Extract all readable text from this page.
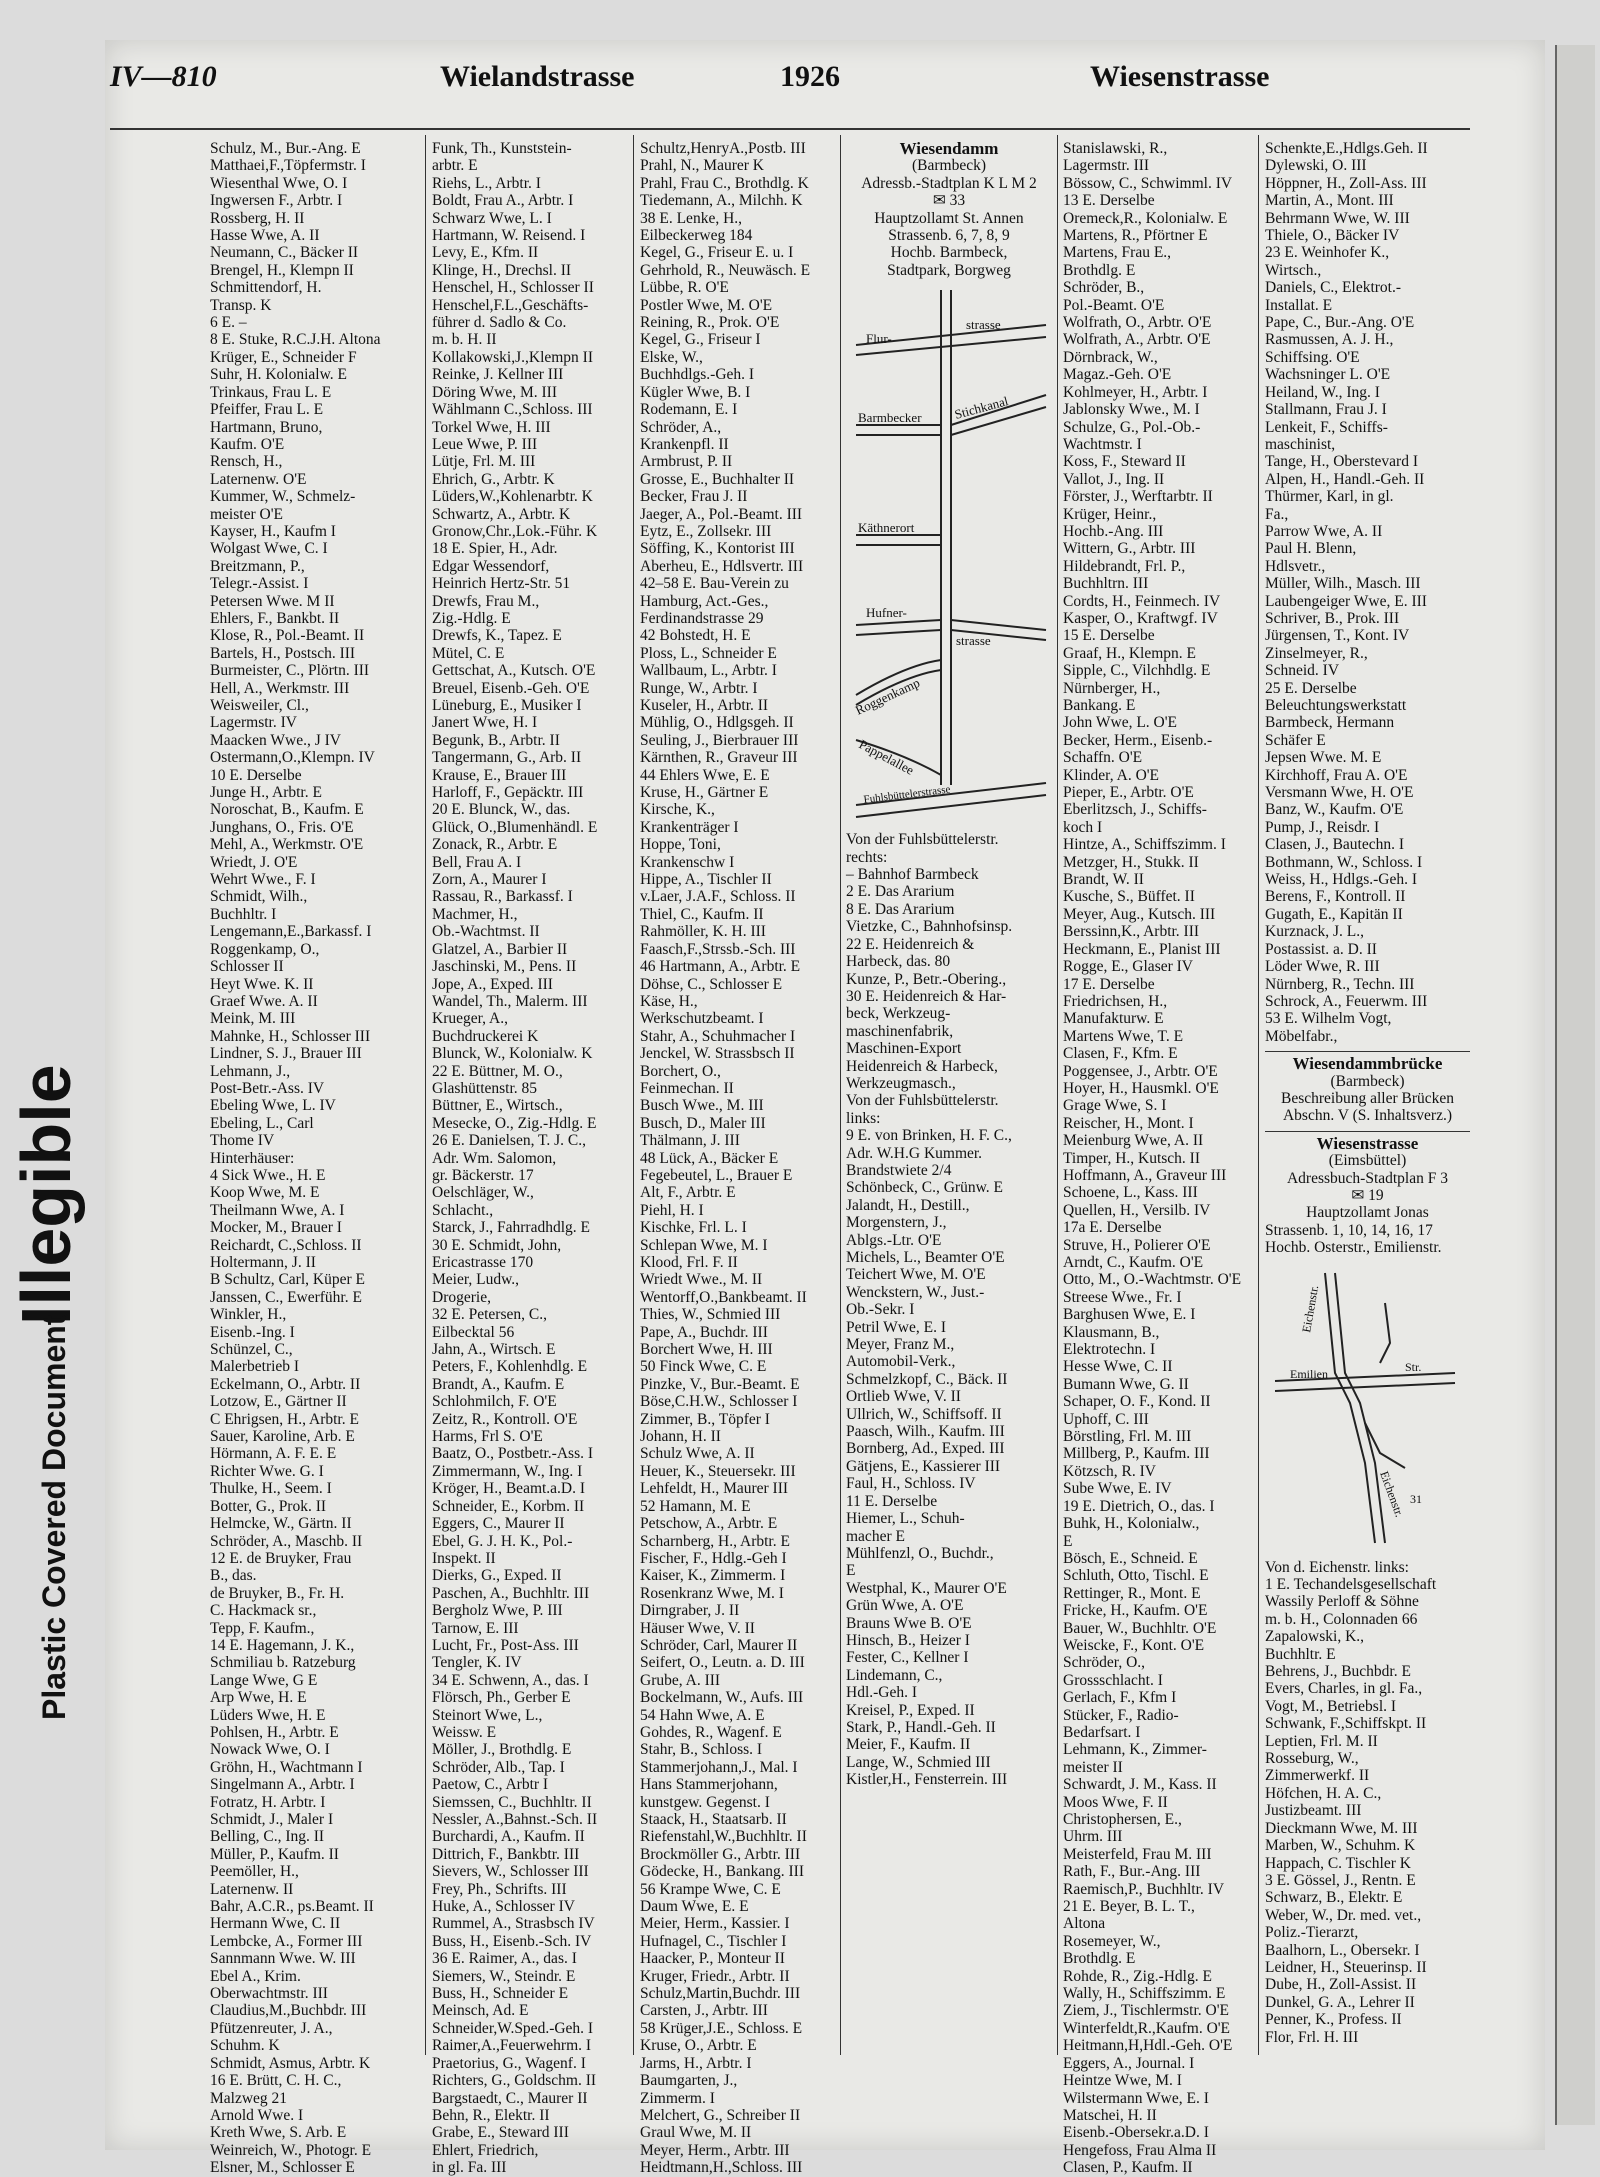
Illegible
Plastic Covered Document
IV—810	Wielandstrasse	1926	Wiesenstrasse
Schulz, M., Bur.-Ang. E
Matthaei,F.,Töpfermstr. I
Wiesenthal Wwe, O. I
Ingwersen F., Arbtr. I
Rossberg, H. II
Hasse Wwe, A. II
Neumann, C., Bäcker II
Brengel, H., Klempn II
Schmittendorf, H.
Transp. K
6 E. –
8 E. Stuke, R.C.J.H. Altona
Krüger, E., Schneider F
Suhr, H. Kolonialw. E
Trinkaus, Frau L. E
Pfeiffer, Frau L. E
Hartmann, Bruno,
Kaufm. O'E
Rensch, H.,
Laternenw. O'E
Kummer, W., Schmelz-
meister O'E
Kayser, H., Kaufm I
Wolgast Wwe, C. I
Breitzmann, P.,
Telegr.-Assist. I
Petersen Wwe. M II
Ehlers, F., Bankbt. II
Klose, R., Pol.-Beamt. II
Bartels, H., Postsch. III
Burmeister, C., Plörtn. III
Hell, A., Werkmstr. III
Weisweiler, Cl.,
Lagermstr. IV
Maacken Wwe., J IV
Ostermann,O.,Klempn. IV
10 E. Derselbe
Junge H., Arbtr. E
Noroschat, B., Kaufm. E
Junghans, O., Fris. O'E
Mehl, A., Werkmstr. O'E
Wriedt, J. O'E
Wehrt Wwe., F. I
Schmidt, Wilh.,
Buchhltr. I
Lengemann,E.,Barkassf. I
Roggenkamp, O.,
Schlosser II
Heyt Wwe. K. II
Graef Wwe. A. II
Meink, M. III
Mahnke, H., Schlosser III
Lindner, S. J., Brauer III
Lehmann, J.,
Post-Betr.-Ass. IV
Ebeling Wwe, L. IV
Ebeling, L., Carl
Thome IV
Hinterhäuser:
4 Sick Wwe., H. E
Koop Wwe, M. E
Theilmann Wwe, A. I
Mocker, M., Brauer I
Reichardt, C.,Schloss. II
Holtermann, J. II
B Schultz, Carl, Küper E
Janssen, C., Ewerführ. E
Winkler, H.,
Eisenb.-Ing. I
Schünzel, C.,
Malerbetrieb I
Eckelmann, O., Arbtr. II
Lotzow, E., Gärtner II
C Ehrigsen, H., Arbtr. E
Sauer, Karoline, Arb. E
Hörmann, A. F. E. E
Richter Wwe. G. I
Thulke, H., Seem. I
Botter, G., Prok. II
Helmcke, W., Gärtn. II
Schröder, A., Maschb. II
12 E. de Bruyker, Frau
B., das.
de Bruyker, B., Fr. H.
C. Hackmack sr.,
Tepp, F. Kaufm.,
14 E. Hagemann, J. K.,
Schmiliau b. Ratzeburg
Lange Wwe, G E
Arp Wwe, H. E
Lüders Wwe, H. E
Pohlsen, H., Arbtr. E
Nowack Wwe, O. I
Gröhn, H., Wachtmann I
Singelmann A., Arbtr. I
Fotratz, H. Arbtr. I
Schmidt, J., Maler I
Belling, C., Ing. II
Müller, P., Kaufm. II
Peemöller, H.,
Laternenw. II
Bahr, A.C.R., ps.Beamt. II
Hermann Wwe, C. II
Lembcke, A., Former III
Sannmann Wwe. W. III
Ebel A., Krim.
Oberwachtmstr. III
Claudius,M.,Buchbdr. III
Pfützenreuter, J. A.,
Schuhm. K
Schmidt, Asmus, Arbtr. K
16 E. Brütt, C. H. C.,
Malzweg 21
Arnold Wwe. I
Kreth Wwe, S. Arb. E
Weinreich, W., Photogr. E
Elsner, M., Schlosser E
Funk, Th., Kunststein-
arbtr. E
Riehs, L., Arbtr. I
Boldt, Frau A., Arbtr. I
Schwarz Wwe, L. I
Hartmann, W. Reisend. I
Levy, E., Kfm. II
Klinge, H., Drechsl. II
Henschel, H., Schlosser II
Henschel,F.L.,Geschäfts-
führer d. Sadlo & Co.
m. b. H. II
Kollakowski,J.,Klempn II
Reinke, J. Kellner III
Döring Wwe, M. III
Wählmann C.,Schloss. III
Torkel Wwe, H. III
Leue Wwe, P. III
Lütje, Frl. M. III
Ehrich, G., Arbtr. K
Lüders,W.,Kohlenarbtr. K
Schwartz, A., Arbtr. K
Gronow,Chr.,Lok.-Führ. K
18 E. Spier, H., Adr.
Edgar Wessendorf,
Heinrich Hertz-Str. 51
Drewfs, Frau M.,
Zig.-Hdlg. E
Drewfs, K., Tapez. E
Mütel, C. E
Gettschat, A., Kutsch. O'E
Breuel, Eisenb.-Geh. O'E
Lüneburg, E., Musiker I
Janert Wwe, H. I
Begunk, B., Arbtr. II
Tangermann, G., Arb. II
Krause, E., Brauer III
Harloff, F., Gepäcktr. III
20 E. Blunck, W., das.
Glück, O.,Blumenhändl. E
Zonack, R., Arbtr. E
Bell, Frau A. I
Zorn, A., Maurer I
Rassau, R., Barkassf. I
Machmer, H.,
Ob.-Wachtmst. II
Glatzel, A., Barbier II
Jaschinski, M., Pens. II
Jope, A., Exped. III
Wandel, Th., Malerm. III
Krueger, A.,
Buchdruckerei K
Blunck, W., Kolonialw. K
22 E. Büttner, M. O.,
Glashüttenstr. 85
Büttner, E., Wirtsch.,
Mesecke, O., Zig.-Hdlg. E
26 E. Danielsen, T. J. C.,
Adr. Wm. Salomon,
gr. Bäckerstr. 17
Oelschläger, W.,
Schlacht.,
Starck, J., Fahrradhdlg. E
30 E. Schmidt, John,
Ericastrasse 170
Meier, Ludw.,
Drogerie,
32 E. Petersen, C.,
Eilbecktal 56
Jahn, A., Wirtsch. E
Peters, F., Kohlenhdlg. E
Brandt, A., Kaufm. E
Schlohmilch, F. O'E
Zeitz, R., Kontroll. O'E
Harms, Frl S. O'E
Baatz, O., Postbetr.-Ass. I
Zimmermann, W., Ing. I
Kröger, H., Beamt.a.D. I
Schneider, E., Korbm. II
Eggers, C., Maurer II
Ebel, G. J. H. K., Pol.-
Inspekt. II
Dierks, G., Exped. II
Paschen, A., Buchhltr. III
Bergholz Wwe, P. III
Tarnow, E. III
Lucht, Fr., Post-Ass. III
Tengler, K. IV
34 E. Schwenn, A., das. I
Flörsch, Ph., Gerber E
Steinort Wwe, L.,
Weissw. E
Möller, J., Brothdlg. E
Schröder, Alb., Tap. I
Paetow, C., Arbtr I
Siemssen, C., Buchhltr. II
Nessler, A.,Bahnst.-Sch. II
Burchardi, A., Kaufm. II
Dittrich, F., Bankbtr. III
Sievers, W., Schlosser III
Frey, Ph., Schrifts. III
Huke, A., Schlosser IV
Rummel, A., Strasbsch IV
Buss, H., Eisenb.-Sch. IV
36 E. Raimer, A., das. I
Siemers, W., Steindr. E
Buss, H., Schneider E
Meinsch, Ad. E
Schneider,W.Sped.-Geh. I
Raimer,A.,Feuerwehrm. I
Praetorius, G., Wagenf. I
Richters, G., Goldschm. II
Bargstaedt, C., Maurer II
Behn, R., Elektr. II
Grabe, E., Steward III
Ehlert, Friedrich,
in gl. Fa. III
Schultz,HenryA.,Postb. III
Prahl, N., Maurer K
Prahl, Frau C., Brothdlg. K
Tiedemann, A., Milchh. K
38 E. Lenke, H.,
Eilbeckerweg 184
Kegel, G., Friseur E. u. I
Gehrhold, R., Neuwäsch. E
Lübbe, R. O'E
Postler Wwe, M. O'E
Reining, R., Prok. O'E
Kegel, G., Friseur I
Elske, W.,
Buchhdlgs.-Geh. I
Kügler Wwe, B. I
Rodemann, E. I
Schröder, A.,
Krankenpfl. II
Armbrust, P. II
Grosse, E., Buchhalter II
Becker, Frau J. II
Jaeger, A., Pol.-Beamt. III
Eytz, E., Zollsekr. III
Söffing, K., Kontorist III
Aberheu, E., Hdlsvertr. III
42–58 E. Bau-Verein zu
Hamburg, Act.-Ges.,
Ferdinandstrasse 29
42 Bohstedt, H. E
Ploss, L., Schneider E
Wallbaum, L., Arbtr. I
Runge, W., Arbtr. I
Kuseler, H., Arbtr. II
Mühlig, O., Hdlgsgeh. II
Seuling, J., Bierbrauer III
Kärnthen, R., Graveur III
44 Ehlers Wwe, E. E
Kruse, H., Gärtner E
Kirsche, K.,
Krankenträger I
Hoppe, Toni,
Krankenschw I
Hippe, A., Tischler II
v.Laer, J.A.F., Schloss. II
Thiel, C., Kaufm. II
Rahmöller, K. H. III
Faasch,F.,Strssb.-Sch. III
46 Hartmann, A., Arbtr. E
Döhse, C., Schlosser E
Käse, H.,
Werkschutzbeamt. I
Stahr, A., Schuhmacher I
Jenckel, W. Strassbsch II
Borchert, O.,
Feinmechan. II
Busch Wwe., M. III
Busch, D., Maler III
Thälmann, J. III
48 Lück, A., Bäcker E
Fegebeutel, L., Brauer E
Alt, F., Arbtr. E
Piehl, H. I
Kischke, Frl. L. I
Schlepan Wwe, M. I
Klood, Frl. F. II
Wriedt Wwe., M. II
Wentorff,O.,Bankbeamt. II
Thies, W., Schmied III
Pape, A., Buchdr. III
Borchert Wwe, H. III
50 Finck Wwe, C. E
Pinzke, V., Bur.-Beamt. E
Böse,C.H.W., Schlosser I
Zimmer, B., Töpfer I
Johann, H. II
Schulz Wwe, A. II
Heuer, K., Steuersekr. III
Lehfeldt, H., Maurer III
52 Hamann, M. E
Petschow, A., Arbtr. E
Scharnberg, H., Arbtr. E
Fischer, F., Hdlg.-Geh I
Kaiser, K., Zimmerm. I
Rosenkranz Wwe, M. I
Dirngraber, J. II
Häuser Wwe, V. II
Schröder, Carl, Maurer II
Seifert, O., Leutn. a. D. III
Grube, A. III
Bockelmann, W., Aufs. III
54 Hahn Wwe, A. E
Gohdes, R., Wagenf. E
Stahr, B., Schloss. I
Stammerjohann,J., Mal. I
Hans Stammerjohann,
kunstgew. Gegenst. I
Staack, H., Staatsarb. II
Riefenstahl,W.,Buchhltr. II
Brockmöller G., Arbtr. III
Gödecke, H., Bankang. III
56 Krampe Wwe, C. E
Daum Wwe, E. E
Meier, Herm., Kassier. I
Hufnagel, C., Tischler I
Haacker, P., Monteur II
Kruger, Friedr., Arbtr. II
Schulz,Martin,Buchdr. III
Carsten, J., Arbtr. III
58 Krüger,J.E., Schloss. E
Kruse, O., Arbtr. E
Jarms, H., Arbtr. I
Baumgarten, J.,
Zimmerm. I
Melchert, G., Schreiber II
Graul Wwe, M. II
Meyer, Herm., Arbtr. III
Heidtmann,H.,Schloss. III
Wiesendamm
(Barmbeck)
Adressb.-Stadtplan K L M 2
✉ 33
Hauptzollamt St. Annen
Strassenb. 6, 7, 8, 9
Hochb. Barmbeck,
Stadtpark, Borgweg
Flur-
strasse
Barmbecker Stichkanal
Käthnerort
Hufner-
strasse
Roggenkamp
Pappelallee
Fuhlsbüttelerstrasse
Von der Fuhlsbüttelerstr.
rechts:
– Bahnhof Barmbeck
2 E. Das Ararium
8 E. Das Ararium
Vietzke, C., Bahnhofsinsp.
22 E. Heidenreich &
Harbeck, das. 80
Kunze, P., Betr.-Obering.,
30 E. Heidenreich & Har-
beck, Werkzeug-
maschinenfabrik,
Maschinen-Export
Heidenreich & Harbeck,
Werkzeugmasch.,
Von der Fuhlsbüttelerstr.
links:
9 E. von Brinken, H. F. C.,
Adr. W.H.G Kummer.
Brandstwiete 2/4
Schönbeck, C., Grünw. E
Jalandt, H., Destill.,
Morgenstern, J.,
Ablgs.-Ltr. O'E
Michels, L., Beamter O'E
Teichert Wwe, M. O'E
Wenckstern, W., Just.-
Ob.-Sekr. I
Petril Wwe, E. I
Meyer, Franz M.,
Automobil-Verk.,
Schmelzkopf, C., Bäck. II
Ortlieb Wwe, V. II
Ullrich, W., Schiffsoff. II
Paasch, Wilh., Kaufm. III
Bornberg, Ad., Exped. III
Gätjens, E., Kassierer III
Faul, H., Schloss. IV
11 E. Derselbe
Hiemer, L., Schuh-
macher E
Mühlfenzl, O., Buchdr.,
E
Westphal, K., Maurer O'E
Grün Wwe, A. O'E
Brauns Wwe B. O'E
Hinsch, B., Heizer I
Fester, C., Kellner I
Lindemann, C.,
Hdl.-Geh. I
Kreisel, P., Exped. II
Stark, P., Handl.-Geh. II
Meier, F., Kaufm. II
Lange, W., Schmied III
Kistler,H., Fensterrein. III
Stanislawski, R.,
Lagermstr. III
Bössow, C., Schwimml. IV
13 E. Derselbe
Oremeck,R., Kolonialw. E
Martens, R., Pförtner E
Martens, Frau E.,
Brothdlg. E
Schröder, B.,
Pol.-Beamt. O'E
Wolfrath, O., Arbtr. O'E
Wolfrath, A., Arbtr. O'E
Dörnbrack, W.,
Magaz.-Geh. O'E
Kohlmeyer, H., Arbtr. I
Jablonsky Wwe., M. I
Schulze, G., Pol.-Ob.-
Wachtmstr. I
Koss, F., Steward II
Vallot, J., Ing. II
Förster, J., Werftarbtr. II
Krüger, Heinr.,
Hochb.-Ang. III
Wittern, G., Arbtr. III
Hildebrandt, Frl. P.,
Buchhltrn. III
Cordts, H., Feinmech. IV
Kasper, O., Kraftwgf. IV
15 E. Derselbe
Graaf, H., Klempn. E
Sipple, C., Vilchhdlg. E
Nürnberger, H.,
Bankang. E
John Wwe, L. O'E
Becker, Herm., Eisenb.-
Schaffn. O'E
Klinder, A. O'E
Pieper, E., Arbtr. O'E
Eberlitzsch, J., Schiffs-
koch I
Hintze, A., Schiffszimm. I
Metzger, H., Stukk. II
Brandt, W. II
Kusche, S., Büffet. II
Meyer, Aug., Kutsch. III
Berssinn,K., Arbtr. III
Heckmann, E., Planist III
Rogge, E., Glaser IV
17 E. Derselbe
Friedrichsen, H.,
Manufakturw. E
Martens Wwe, T. E
Clasen, F., Kfm. E
Poggensee, J., Arbtr. O'E
Hoyer, H., Hausmkl. O'E
Grage Wwe, S. I
Reischer, H., Mont. I
Meienburg Wwe, A. II
Timper, H., Kutsch. II
Hoffmann, A., Graveur III
Schoene, L., Kass. III
Quellen, H., Versilb. IV
17a E. Derselbe
Struve, H., Polierer O'E
Arndt, C., Kaufm. O'E
Otto, M., O.-Wachtmstr. O'E
Streese Wwe., Fr. I
Barghusen Wwe, E. I
Klausmann, B.,
Elektrotechn. I
Hesse Wwe, C. II
Bumann Wwe, G. II
Schaper, O. F., Kond. II
Uphoff, C. III
Börstling, Frl. M. III
Millberg, P., Kaufm. III
Kötzsch, R. IV
Sube Wwe, E. IV
19 E. Dietrich, O., das. I
Buhk, H., Kolonialw.,
E
Bösch, E., Schneid. E
Schluth, Otto, Tischl. E
Rettinger, R., Mont. E
Fricke, H., Kaufm. O'E
Bauer, W., Buchhltr. O'E
Weiscke, F., Kont. O'E
Schröder, O.,
Grossschlacht. I
Gerlach, F., Kfm I
Stücker, F., Radio-
Bedarfsart. I
Lehmann, K., Zimmer-
meister II
Schwardt, J. M., Kass. II
Moos Wwe, F. II
Christophersen, E.,
Uhrm. III
Meisterfeld, Frau M. III
Rath, F., Bur.-Ang. III
Raemisch,P., Buchhltr. IV
21 E. Beyer, B. L. T.,
Altona
Rosemeyer, W.,
Brothdlg. E
Rohde, R., Zig.-Hdlg. E
Wally, H., Schiffszimm. E
Ziem, J., Tischlermstr. O'E
Winterfeldt,R.,Kaufm. O'E
Heitmann,H,Hdl.-Geh. O'E
Eggers, A., Journal. I
Heintze Wwe, M. I
Wilstermann Wwe, E. I
Matschei, H. II
Eisenb.-Obersekr.a.D. I
Hengefoss, Frau Alma II
Clasen, P., Kaufm. II
Schenkte,E.,Hdlgs.Geh. II
Dylewski, O. III
Höppner, H., Zoll-Ass. III
Martin, A., Mont. III
Behrmann Wwe, W. III
Thiele, O., Bäcker IV
23 E. Weinhofer K.,
Wirtsch.,
Daniels, C., Elektrot.-
Installat. E
Pape, C., Bur.-Ang. O'E
Rasmussen, A. J. H.,
Schiffsing. O'E
Wachsninger L. O'E
Heiland, W., Ing. I
Stallmann, Frau J. I
Lenkeit, F., Schiffs-
maschinist,
Tange, H., Oberstevard I
Alpen, H., Handl.-Geh. II
Thürmer, Karl, in gl.
Fa.,
Parrow Wwe, A. II
Paul H. Blenn,
Hdlsvetr.,
Müller, Wilh., Masch. III
Laubengeiger Wwe, E. III
Schriver, B., Prok. III
Jürgensen, T., Kont. IV
Zinselmeyer, R.,
Schneid. IV
25 E. Derselbe
Beleuchtungswerkstatt
Barmbeck, Hermann
Schäfer E
Jepsen Wwe. M. E
Kirchhoff, Frau A. O'E
Versmann Wwe, H. O'E
Banz, W., Kaufm. O'E
Pump, J., Reisdr. I
Clasen, J., Bautechn. I
Bothmann, W., Schloss. I
Weiss, H., Hdlgs.-Geh. I
Berens, F., Kontroll. II
Gugath, E., Kapitän II
Kurznack, J. L.,
Postassist. a. D. II
Löder Wwe, R. III
Nürnberg, R., Techn. III
Schrock, A., Feuerwm. III
53 E. Wilhelm Vogt,
Möbelfabr.,
Wiesendammbrücke
(Barmbeck)
Beschreibung aller Brücken
Abschn. V (S. Inhaltsverz.)
Wiesenstrasse
(Eimsbüttel)
Adressbuch-Stadtplan F 3
✉ 19
Hauptzollamt Jonas
Strassenb. 1, 10, 14, 16, 17
Hochb. Osterstr., Emilienstr.
Eichenstr.
Emilien	Str.
Eichenstr. 31
Von d. Eichenstr. links:
1 E. Techandelsgesellschaft
Wassily Perloff & Söhne
m. b. H., Colonnaden 66
Zapalowski, K.,
Buchhltr. E
Behrens, J., Buchbdr. E
Evers, Charles, in gl. Fa.,
Vogt, M., Betriebsl. I
Schwank, F.,Schiffskpt. II
Leptien, Frl. M. II
Rosseburg, W.,
Zimmerwerkf. II
Höfchen, H. A. C.,
Justizbeamt. III
Dieckmann Wwe, M. III
Marben, W., Schuhm. K
Happach, C. Tischler K
3 E. Gössel, J., Rentn. E
Schwarz, B., Elektr. E
Weber, W., Dr. med. vet.,
Poliz.-Tierarzt,
Baalhorn, L., Obersekr. I
Leidner, H., Steuerinsp. II
Dube, H., Zoll-Assist. II
Dunkel, G. A., Lehrer II
Penner, K., Profess. II
Flor, Frl. H. III
